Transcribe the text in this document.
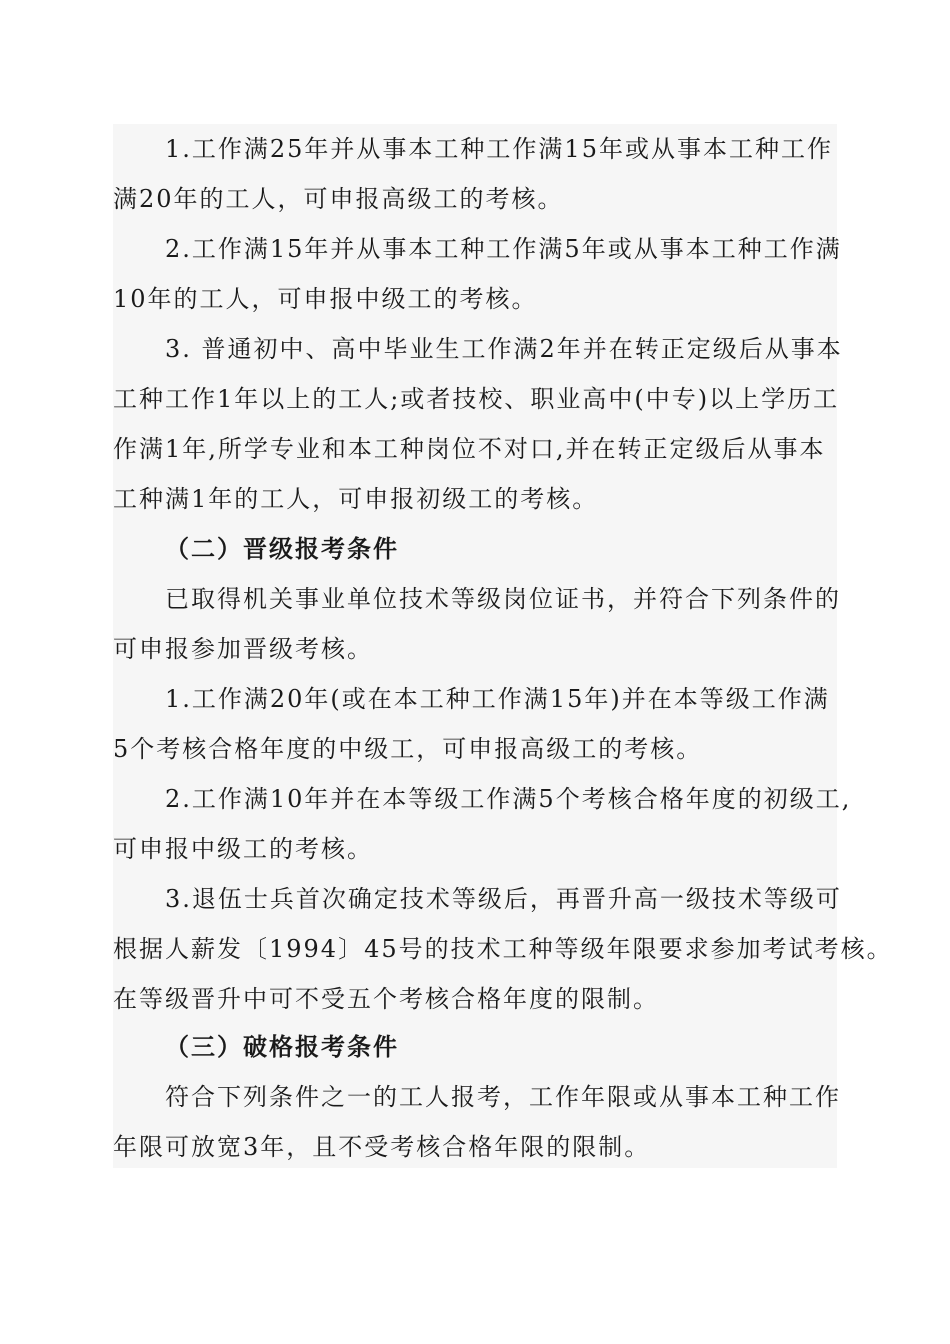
1.工作满25年并从事本工种工作满15年或从事本工种工作
满20年的工人，可申报高级工的考核。
2.工作满15年并从事本工种工作满5年或从事本工种工作满
10年的工人，可申报中级工的考核。
3. 普通初中、高中毕业生工作满2年并在转正定级后从事本
工种工作1年以上的工人;或者技校、职业高中(中专)以上学历工
作满1年,所学专业和本工种岗位不对口,并在转正定级后从事本
工种满1年的工人，可申报初级工的考核。
（二）晋级报考条件
已取得机关事业单位技术等级岗位证书，并符合下列条件的
可申报参加晋级考核。
1.工作满20年(或在本工种工作满15年)并在本等级工作满
5个考核合格年度的中级工，可申报高级工的考核。
2.工作满10年并在本等级工作满5个考核合格年度的初级工,
可申报中级工的考核。
3.退伍士兵首次确定技术等级后，再晋升高一级技术等级可
根据人薪发〔1994〕45号的技术工种等级年限要求参加考试考核。
在等级晋升中可不受五个考核合格年度的限制。
（三）破格报考条件
符合下列条件之一的工人报考，工作年限或从事本工种工作
年限可放宽3年，且不受考核合格年限的限制。
